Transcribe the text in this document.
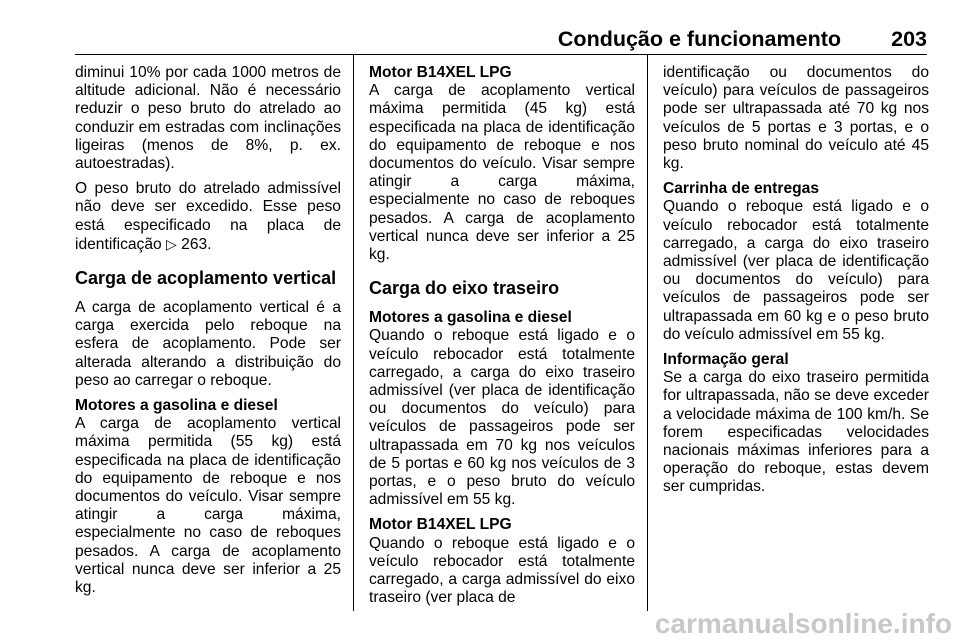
Condução e funcionamento 203

diminui 10% por cada 1000 metros de altitude adicional. Não é necessário reduzir o peso bruto do atrelado ao conduzir em estradas com inclinações ligeiras (menos de 8%, p. ex. autoestradas).

O peso bruto do atrelado admissível não deve ser excedido. Esse peso está especificado na placa de identificação ▷ 263.

Carga de acoplamento vertical

A carga de acoplamento vertical é a carga exercida pelo reboque na esfera de acoplamento. Pode ser alterada alterando a distribuição do peso ao carregar o reboque.

Motores a gasolina e diesel
A carga de acoplamento vertical máxima permitida (55 kg) está especificada na placa de identificação do equipamento de reboque e nos documentos do veículo. Visar sempre atingir a carga máxima, especialmente no caso de reboques pesados. A carga de acoplamento vertical nunca deve ser inferior a 25 kg.

Motor B14XEL LPG
A carga de acoplamento vertical máxima permitida (45 kg) está especificada na placa de identificação do equipamento de reboque e nos documentos do veículo. Visar sempre atingir a carga máxima, especialmente no caso de reboques pesados. A carga de acoplamento vertical nunca deve ser inferior a 25 kg.

Carga do eixo traseiro

Motores a gasolina e diesel
Quando o reboque está ligado e o veículo rebocador está totalmente carregado, a carga do eixo traseiro admissível (ver placa de identificação ou documentos do veículo) para veículos de passageiros pode ser ultrapassada em 70 kg nos veículos de 5 portas e 60 kg nos veículos de 3 portas, e o peso bruto do veículo admissível em 55 kg.

Motor B14XEL LPG
Quando o reboque está ligado e o veículo rebocador está totalmente carregado, a carga admissível do eixo traseiro (ver placa de

identificação ou documentos do veículo) para veículos de passageiros pode ser ultrapassada até 70 kg nos veículos de 5 portas e 3 portas, e o peso bruto nominal do veículo até 45 kg.

Carrinha de entregas
Quando o reboque está ligado e o veículo rebocador está totalmente carregado, a carga do eixo traseiro admissível (ver placa de identificação ou documentos do veículo) para veículos de passageiros pode ser ultrapassada em 60 kg e o peso bruto do veículo admissível em 55 kg.

Informação geral
Se a carga do eixo traseiro permitida for ultrapassada, não se deve exceder a velocidade máxima de 100 km/h. Se forem especificadas velocidades nacionais máximas inferiores para a operação do reboque, estas devem ser cumpridas.

carmanualsonline.info
